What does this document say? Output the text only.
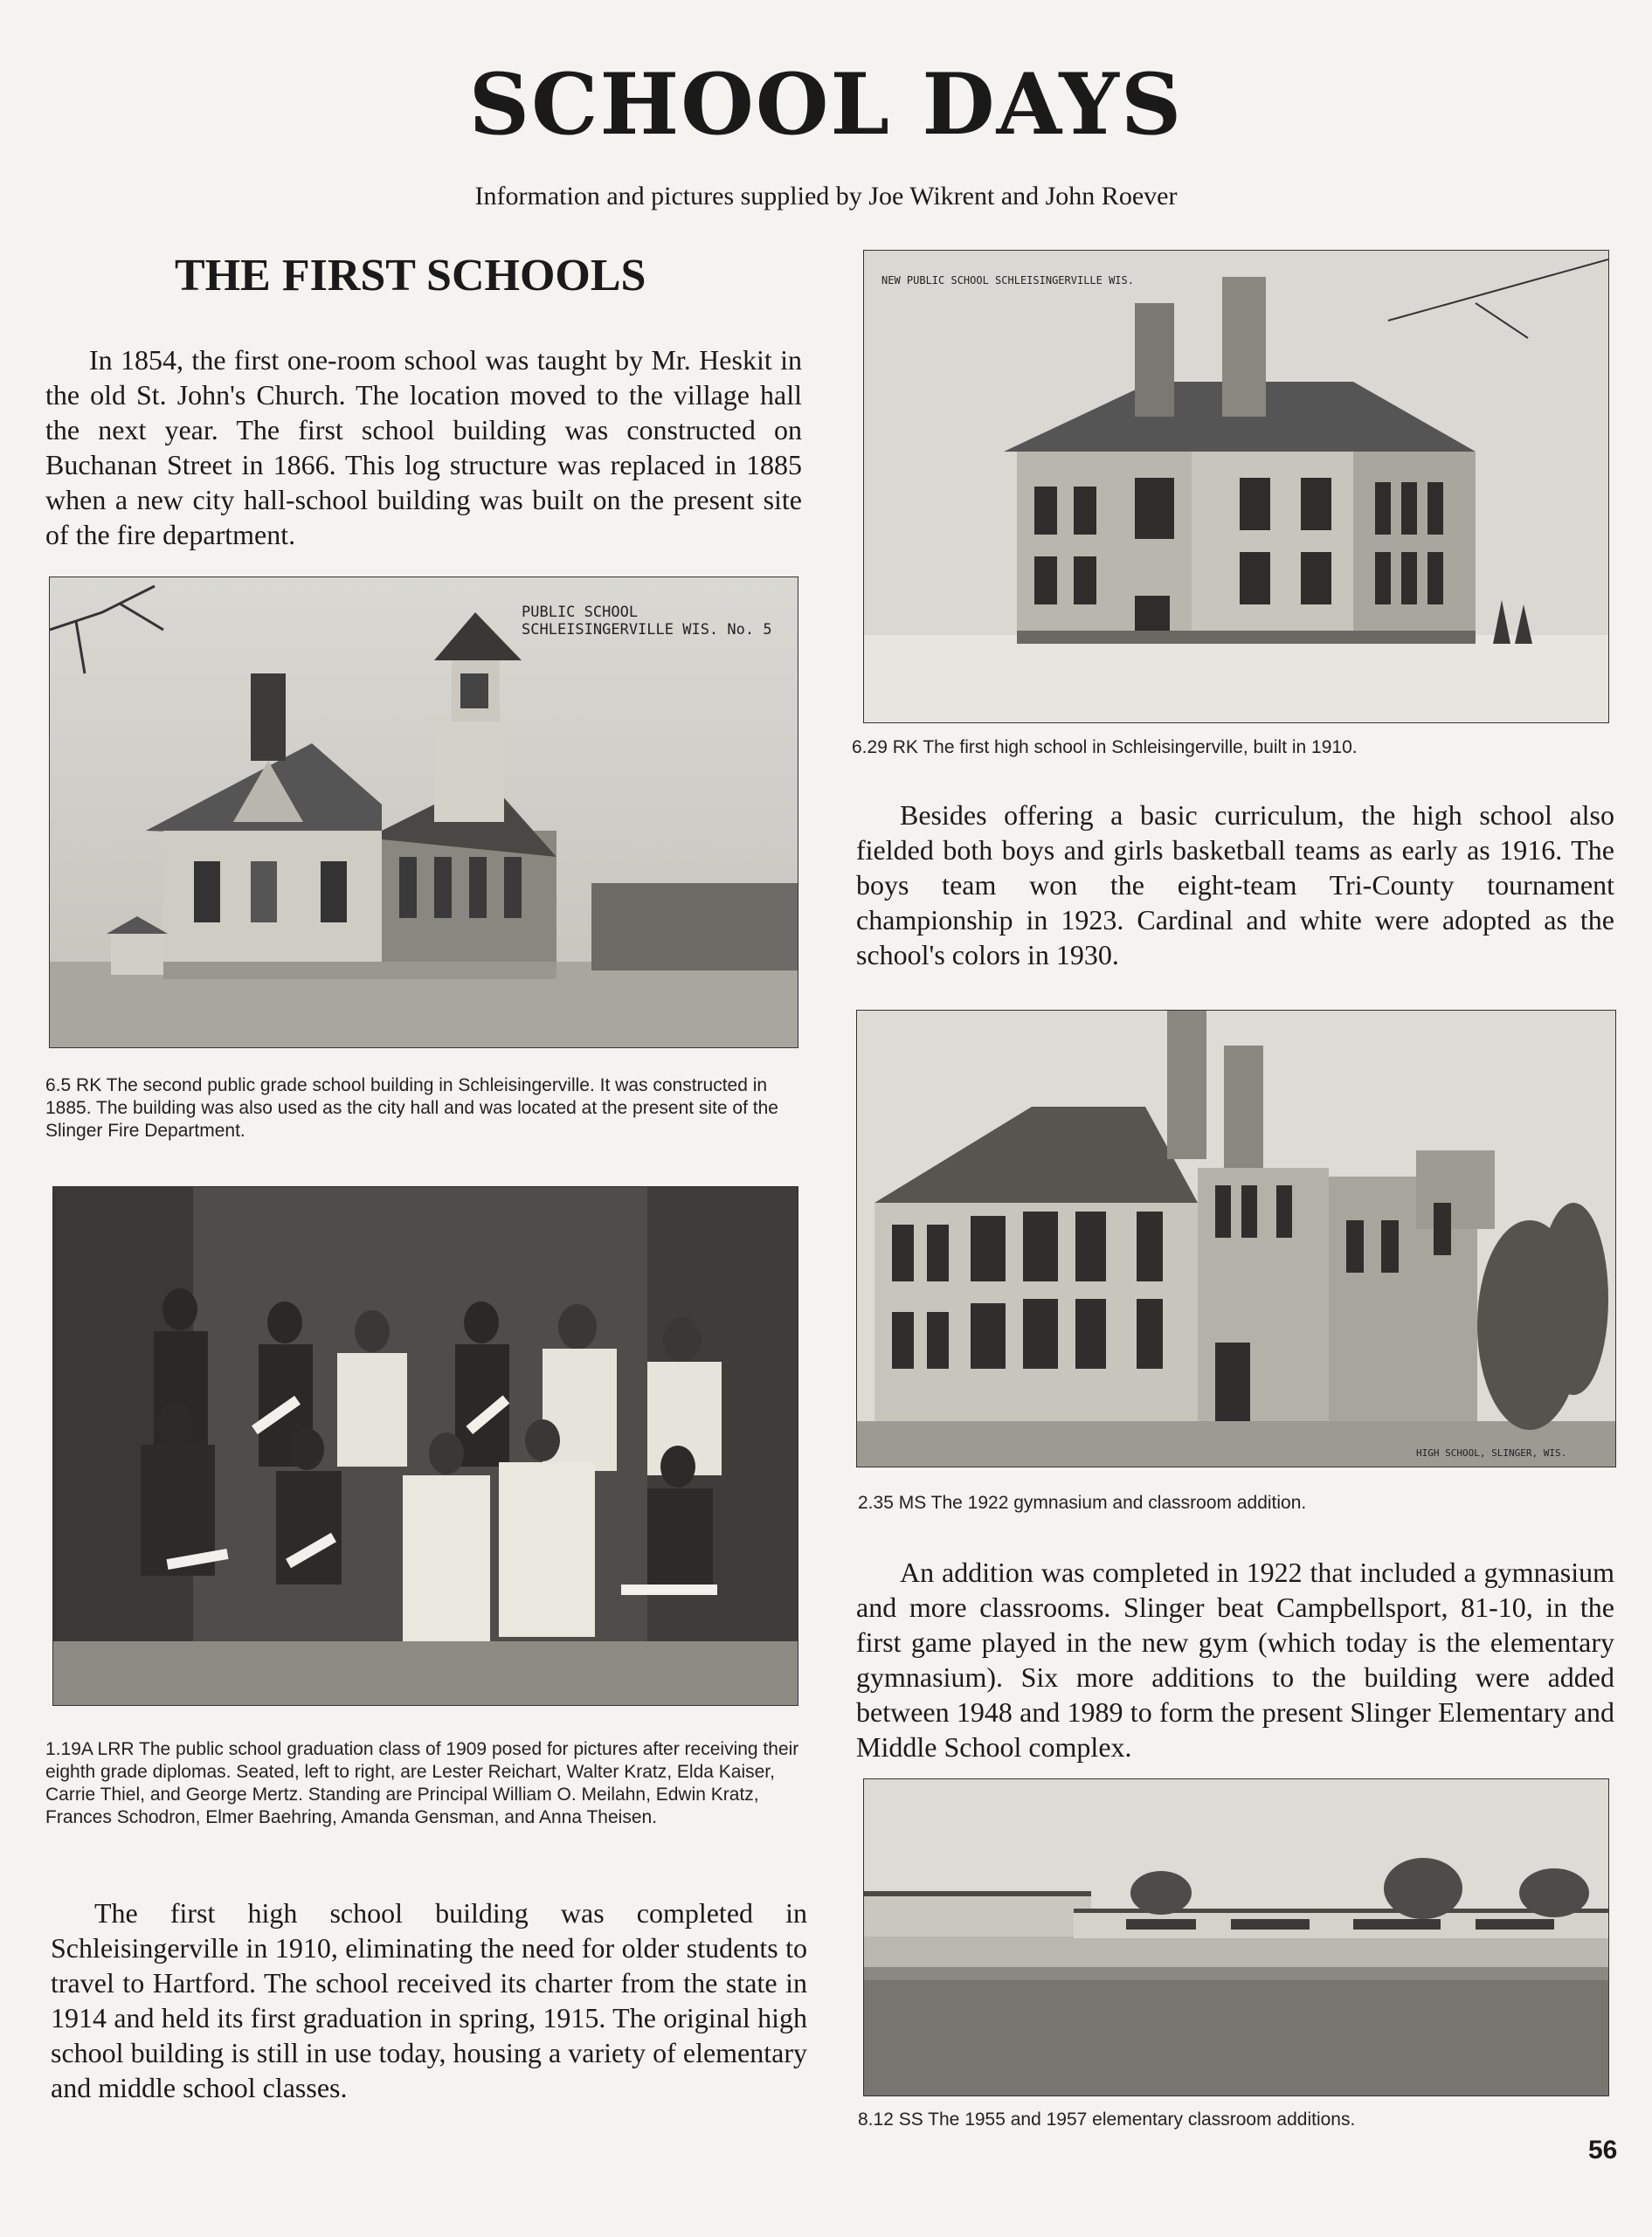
SCHOOL DAYS
Information and pictures supplied by Joe Wikrent and John Roever
THE FIRST SCHOOLS
In 1854, the first one-room school was taught by Mr. Heskit in the old St. John's Church. The location moved to the village hall the next year. The first school building was constructed on Buchanan Street in 1866. This log structure was replaced in 1885 when a new city hall-school building was built on the present site of the fire department.
PUBLIC SCHOOL
SCHLEISINGERVILLE WIS. No. 5
6.5 RK The second public grade school building in Schleisingerville. It was constructed in 1885. The building was also used as the city hall and was located at the present site of the Slinger Fire Department.
1.19A LRR The public school graduation class of 1909 posed for pictures after receiving their eighth grade diplomas. Seated, left to right, are Lester Reichart, Walter Kratz, Elda Kaiser, Carrie Thiel, and George Mertz. Standing are Principal William O. Meilahn, Edwin Kratz, Frances Schodron, Elmer Baehring, Amanda Gensman, and Anna Theisen.
The first high school building was completed in Schleisingerville in 1910, eliminating the need for older students to travel to Hartford. The school received its charter from the state in 1914 and held its first graduation in spring, 1915. The original high school building is still in use today, housing a variety of elementary and middle school classes.
NEW PUBLIC SCHOOL SCHLEISINGERVILLE WIS.
6.29 RK The first high school in Schleisingerville, built in 1910.
Besides offering a basic curriculum, the high school also fielded both boys and girls basketball teams as early as 1916. The boys team won the eight-team Tri-County tournament championship in 1923. Cardinal and white were adopted as the school's colors in 1930.
HIGH SCHOOL, SLINGER, WIS.
2.35 MS The 1922 gymnasium and classroom addition.
An addition was completed in 1922 that included a gymnasium and more classrooms. Slinger beat Campbellsport, 81-10, in the first game played in the new gym (which today is the elementary gymnasium). Six more additions to the building were added between 1948 and 1989 to form the present Slinger Elementary and Middle School complex.
8.12 SS The 1955 and 1957 elementary classroom additions.
56
